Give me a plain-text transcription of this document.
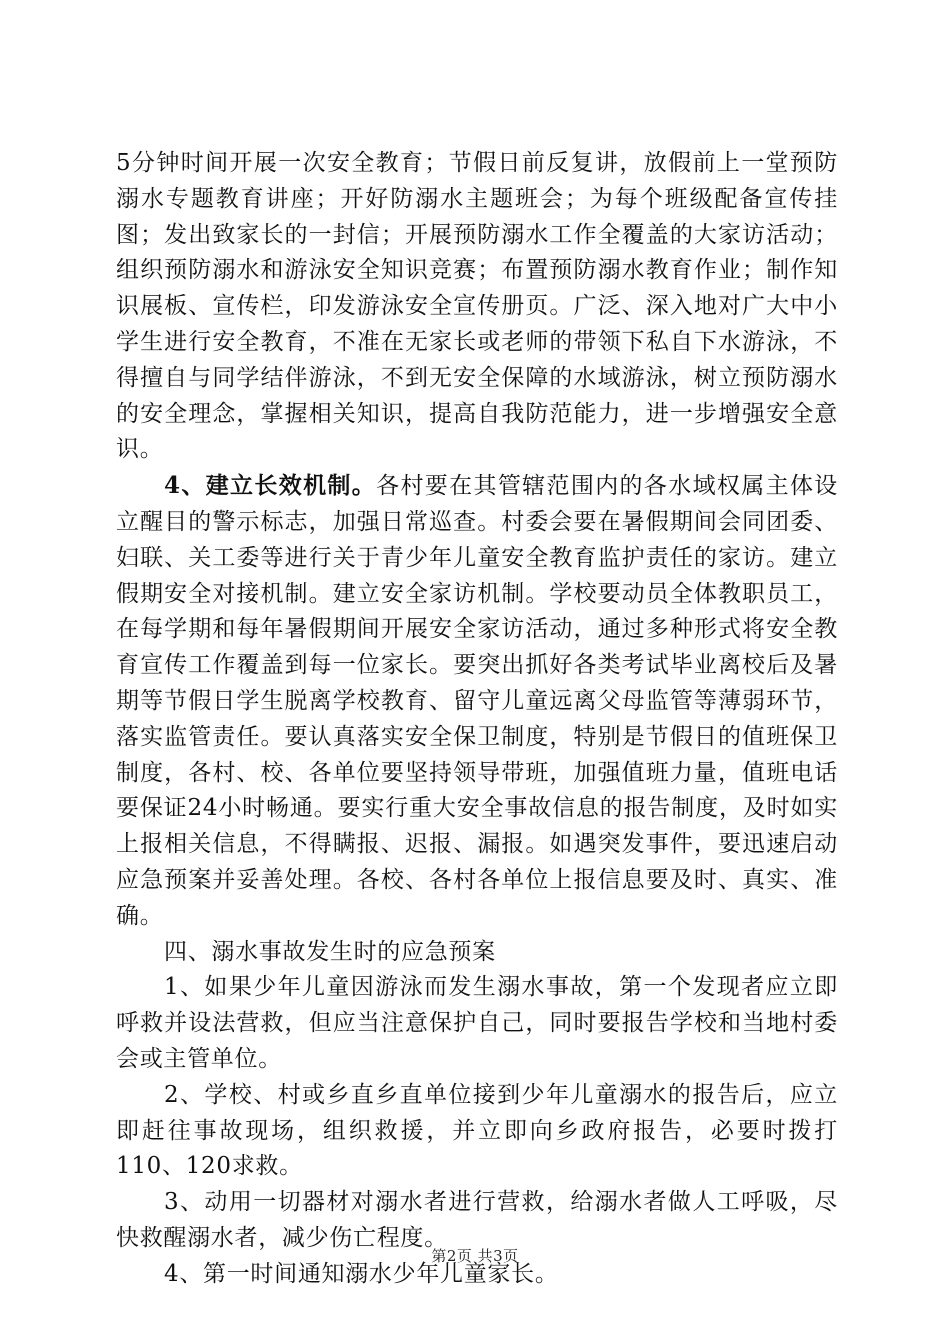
5分钟时间开展一次安全教育；节假日前反复讲，放假前上一堂预防溺水专题教育讲座；开好防溺水主题班会；为每个班级配备宣传挂图；发出致家长的一封信；开展预防溺水工作全覆盖的大家访活动；组织预防溺水和游泳安全知识竞赛；布置预防溺水教育作业；制作知识展板、宣传栏，印发游泳安全宣传册页。广泛、深入地对广大中小学生进行安全教育，不准在无家长或老师的带领下私自下水游泳，不得擅自与同学结伴游泳，不到无安全保障的水域游泳，树立预防溺水的安全理念，掌握相关知识，提高自我防范能力，进一步增强安全意识。

4、建立长效机制。各村要在其管辖范围内的各水域权属主体设立醒目的警示标志，加强日常巡查。村委会要在暑假期间会同团委、妇联、关工委等进行关于青少年儿童安全教育监护责任的家访。建立假期安全对接机制。建立安全家访机制。学校要动员全体教职员工，在每学期和每年暑假期间开展安全家访活动，通过多种形式将安全教育宣传工作覆盖到每一位家长。要突出抓好各类考试毕业离校后及暑期等节假日学生脱离学校教育、留守儿童远离父母监管等薄弱环节，落实监管责任。要认真落实安全保卫制度，特别是节假日的值班保卫制度，各村、校、各单位要坚持领导带班，加强值班力量，值班电话要保证24小时畅通。要实行重大安全事故信息的报告制度，及时如实上报相关信息，不得瞒报、迟报、漏报。如遇突发事件，要迅速启动应急预案并妥善处理。各校、各村各单位上报信息要及时、真实、准确。

四、溺水事故发生时的应急预案

1、如果少年儿童因游泳而发生溺水事故，第一个发现者应立即呼救并设法营救，但应当注意保护自己，同时要报告学校和当地村委会或主管单位。

2、学校、村或乡直乡直单位接到少年儿童溺水的报告后，应立即赶往事故现场，组织救援，并立即向乡政府报告，必要时拨打110、120求救。

3、动用一切器材对溺水者进行营救，给溺水者做人工呼吸，尽快救醒溺水者，减少伤亡程度。

4、第一时间通知溺水少年儿童家长。

第2页 共3页
